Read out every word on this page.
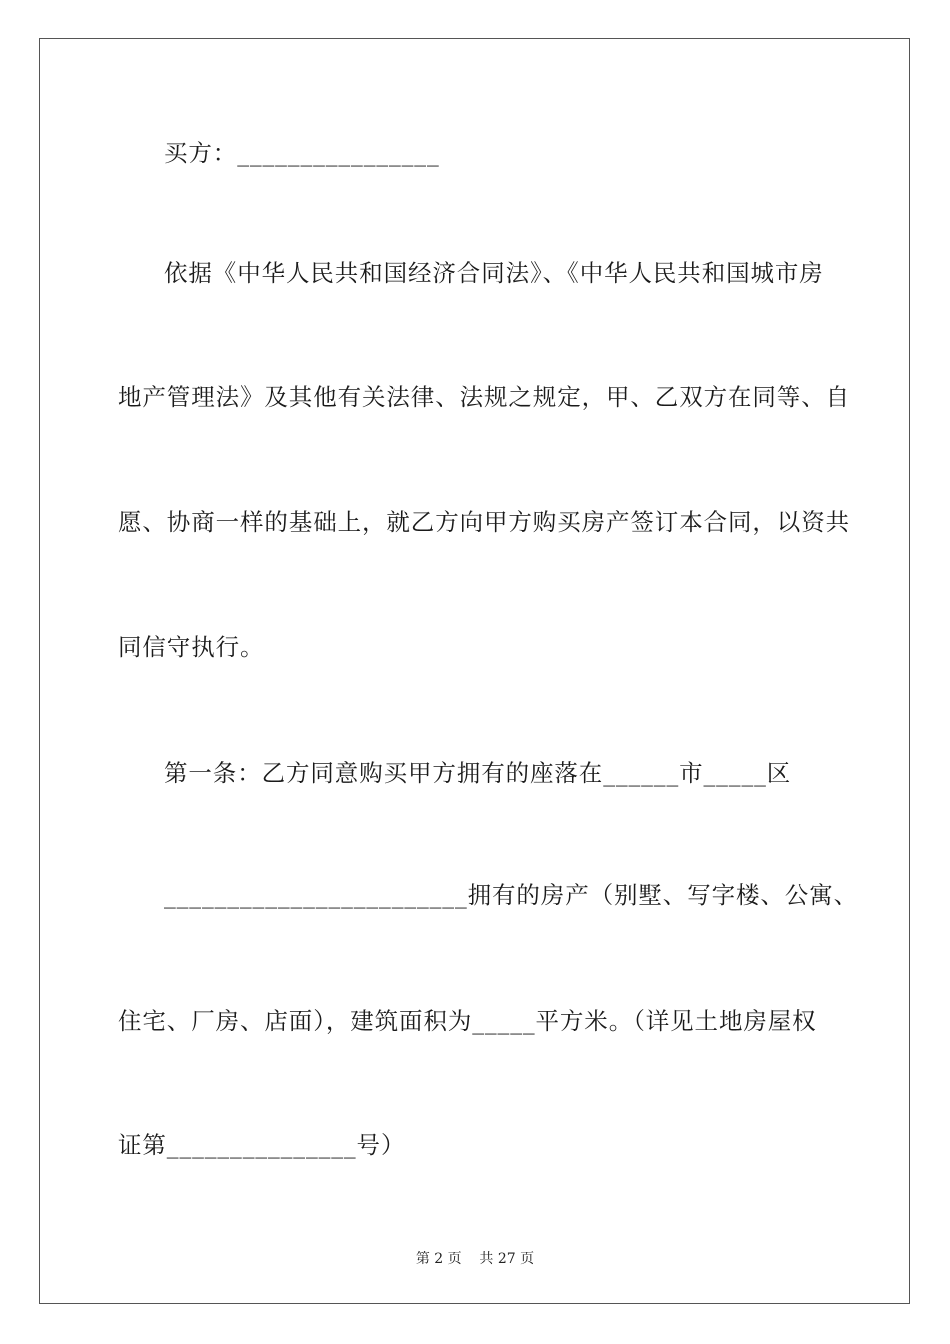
买方：________________
依据《中华人民共和国经济合同法》、《中华人民共和国城市房
地产管理法》及其他有关法律、法规之规定，甲、乙双方在同等、自
愿、协商一样的基础上，就乙方向甲方购买房产签订本合同，以资共
同信守执行。
第一条：乙方同意购买甲方拥有的座落在______市_____区
________________________拥有的房产（别墅、写字楼、公寓、
住宅、厂房、店面），建筑面积为_____平方米。（详见土地房屋权
证第_______________号）
第 2 页    共 27 页
